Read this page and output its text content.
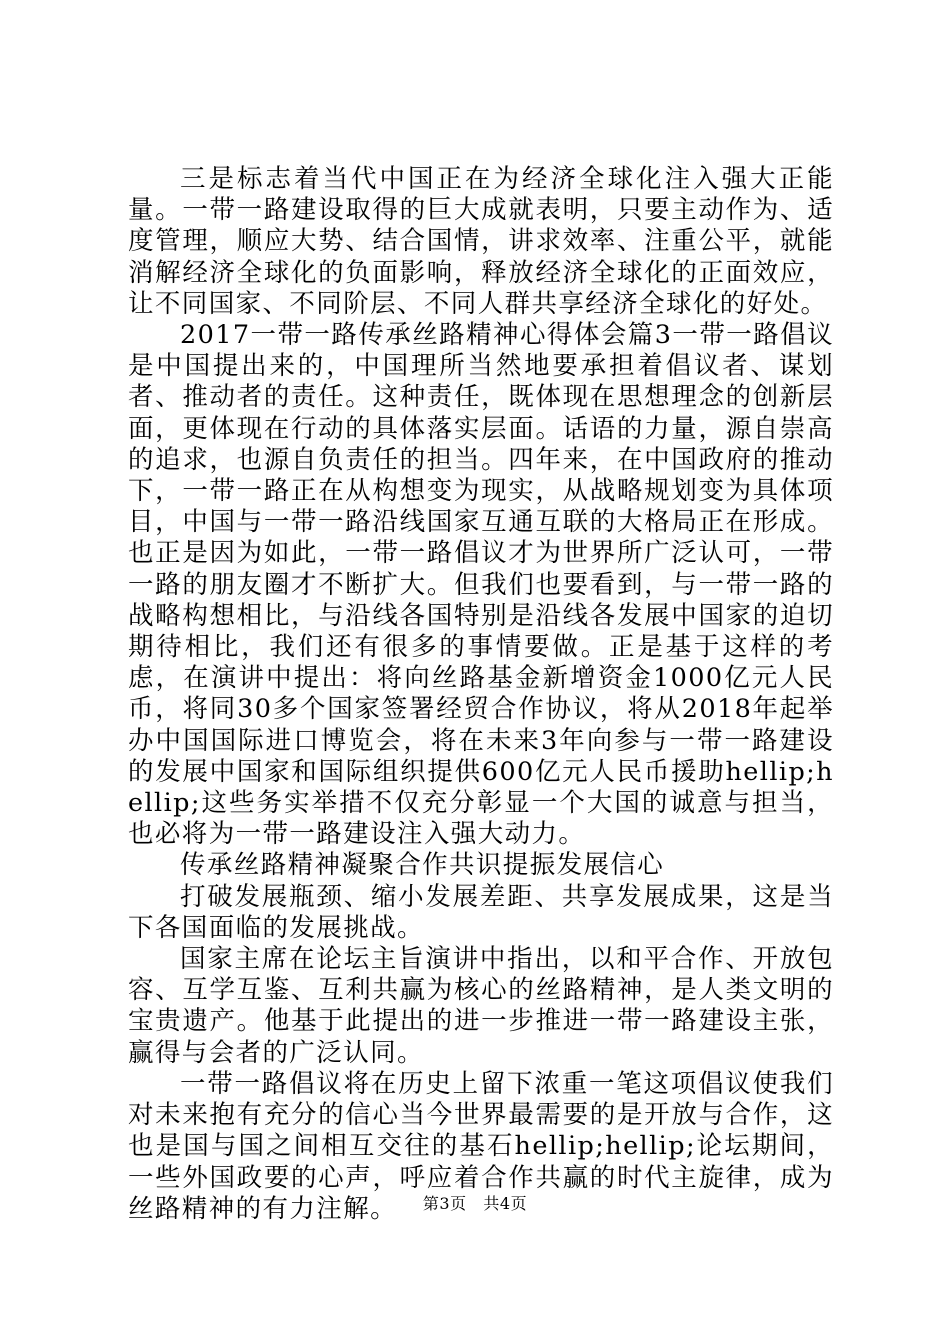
三是标志着当代中国正在为经济全球化注入强大正能量。一带一路建设取得的巨大成就表明，只要主动作为、适度管理，顺应大势、结合国情，讲求效率、注重公平，就能消解经济全球化的负面影响，释放经济全球化的正面效应，让不同国家、不同阶层、不同人群共享经济全球化的好处。

2017一带一路传承丝路精神心得体会篇3一带一路倡议是中国提出来的，中国理所当然地要承担着倡议者、谋划者、推动者的责任。这种责任，既体现在思想理念的创新层面，更体现在行动的具体落实层面。话语的力量，源自崇高的追求，也源自负责任的担当。四年来，在中国政府的推动下，一带一路正在从构想变为现实，从战略规划变为具体项目，中国与一带一路沿线国家互通互联的大格局正在形成。也正是因为如此，一带一路倡议才为世界所广泛认可，一带一路的朋友圈才不断扩大。但我们也要看到，与一带一路的战略构想相比，与沿线各国特别是沿线各发展中国家的迫切期待相比，我们还有很多的事情要做。正是基于这样的考虑，在演讲中提出：将向丝路基金新增资金1000亿元人民币，将同30多个国家签署经贸合作协议，将从2018年起举办中国国际进口博览会，将在未来3年向参与一带一路建设的发展中国家和国际组织提供600亿元人民币援助hellip;hellip;这些务实举措不仅充分彰显一个大国的诚意与担当，也必将为一带一路建设注入强大动力。

传承丝路精神凝聚合作共识提振发展信心

打破发展瓶颈、缩小发展差距、共享发展成果，这是当下各国面临的发展挑战。

国家主席在论坛主旨演讲中指出，以和平合作、开放包容、互学互鉴、互利共赢为核心的丝路精神，是人类文明的宝贵遗产。他基于此提出的进一步推进一带一路建设主张，赢得与会者的广泛认同。

一带一路倡议将在历史上留下浓重一笔这项倡议使我们对未来抱有充分的信心当今世界最需要的是开放与合作，这也是国与国之间相互交往的基石hellip;hellip;论坛期间，一些外国政要的心声，呼应着合作共赢的时代主旋律，成为丝路精神的有力注解。	第3页 共4页
